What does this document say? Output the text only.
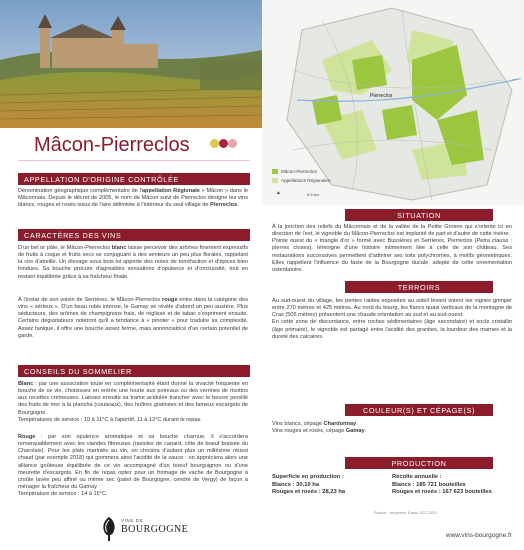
Mâcon-Pierreclos
APPELLATION D'ORIGINE CONTRÔLÉE
Dénomination géographique complémentaire de l'appellation Régionale « Mâcon » dans le Mâconnais. Depuis le décret de 2005, le nom de Mâcon suivi de Pierreclos désigne les vins blancs, rouges et rosés issus de l'aire délimitée à l'intérieur du seul village de Pierreclos.
CARACTÈRES DES VINS
D'un bel or pâle, le Mâcon-Pierreclos blanc laisse percevoir des arômes finement expressifs de fruits à coque et fruits secs se conjuguant à des senteurs un peu plus florales, rappelant la cire d'abeille. Un élevage sous bois lui apporte des notes de torréfaction et d'épices bien fondues. Sa bouche procure d'agréables sensations d'opulence et d'onctuosité, tout en restant équilibrée grâce à sa fraîcheur finale.
À l'instar de son voisin de Serrières, le Mâcon-Pierreclos rouge entre dans la catégorie des vins « sérieux ». D'un beau rubis intense, le Gamay se révèle d'abord un peu austère. Plus séducteurs, des arômes de champignons frais, de réglisse et de tabac s'expriment ensuite. Certains dégustateurs noteront qu'il a tendance à « pinoter » pour traduire sa complexité. Assez tanique, il offre une bouche assez ferme, mais annonciatrice d'un certain potentiel de garde.
CONSEILS DU SOMMELIER
Blanc : par une association toute en complémentarité étant donné la vivacité fréquente en bouche de ce vin, choisissez en entrée une tourte aux poireaux ou des verrines de risottos aux recettes crémeuses. Laissez ensuite sa trame acidulée trancher avec le beurre persillé des fruits de mer à la plancha (couteaux), des huîtres gratinées et des fameux escargots de Bourgogne.
Températures de service : 10 à 11°C à l'apéritif, 11 à 12°C durant le repas.
Rouge : par son opulence aromatique et sa bouche charnue, il s'accordera remarquablement avec les viandes fibreuses (ravioles de canard, côte de boeuf braisée du Charolais). Pour les plats mariniés au vin, on choisira d'autant plus un millésime réussi chaud (par exemple 2018) qui gommera ainsi l'acidité de la sauce : on appréciera alors une alliance goûteuse équilibrée de ce vin accompagné d'un boeuf bourguignon ou d'une meurette d'escargots. En fin de repas optez pour un fromage de vache de Bourgogne à croûte lavée peu affiné ou même sec (palet de Bourgogne, cendré de Vergy) de façon à ménager la fraîcheur du Gamay.
Température de service : 14 à 15°C.
VINS DE
BOURGOGNE
Pierreclos
Mâcon-Pierreclos
Appellations Régionales
0.5 km
▲
SITUATION
À la jonction des reliefs du Mâconnais et de la vallée de la Petite Grosne qui s'oriente ici en direction de l'est, le vignoble du Mâcon-Pierreclos est implanté de part et d'autre de cette rivière.
Pointe ouest du « triangle d'or » formé avec Bussières et Serrières, Pierreclos (Petra clausa : pierres closes), témoigne d'une histoire intimement liée à celle de son château. Ses restaurations successives permettent d'admirer ses toits polychromes, à motifs géométriques. Elles rappellent l'influence du faste de la Bourgogne ducale, adepte de cette ornementation ostentatoire.
TERROIRS
Au sud-ouest du village, les pentes raides exposées au soleil levant voient les vignes grimper entre 270 mètres et 425 mètres. Au nord du bourg, les flancs quasi verticaux de la montagne de Cras (505 mètres) présentent une chaude orientation au sud et au sud-ouest.
En cette zone de discordance, entre roches sédimentaires (âge secondaire) et socle cristallin (âge primaire), le vignoble est partagé entre l'acidité des granites, la lourdeur des marnes et la dureté des calcaires.
COULEUR(S) ET CÉPAGE(S)
Vins blancs, cépage Chardonnay.
Vins rouges et rosés, cépage Gamay.
PRODUCTION
Superficie en production :
Blancs : 30,10 ha
Rouges et rosés : 28,23 ha
Récolte annuelle :
Blancs : 185 721 bouteilles
Rouges et rosés : 167 623 bouteilles
Source : moyenne 5 ans 2017-2021
www.vins-bourgogne.fr
